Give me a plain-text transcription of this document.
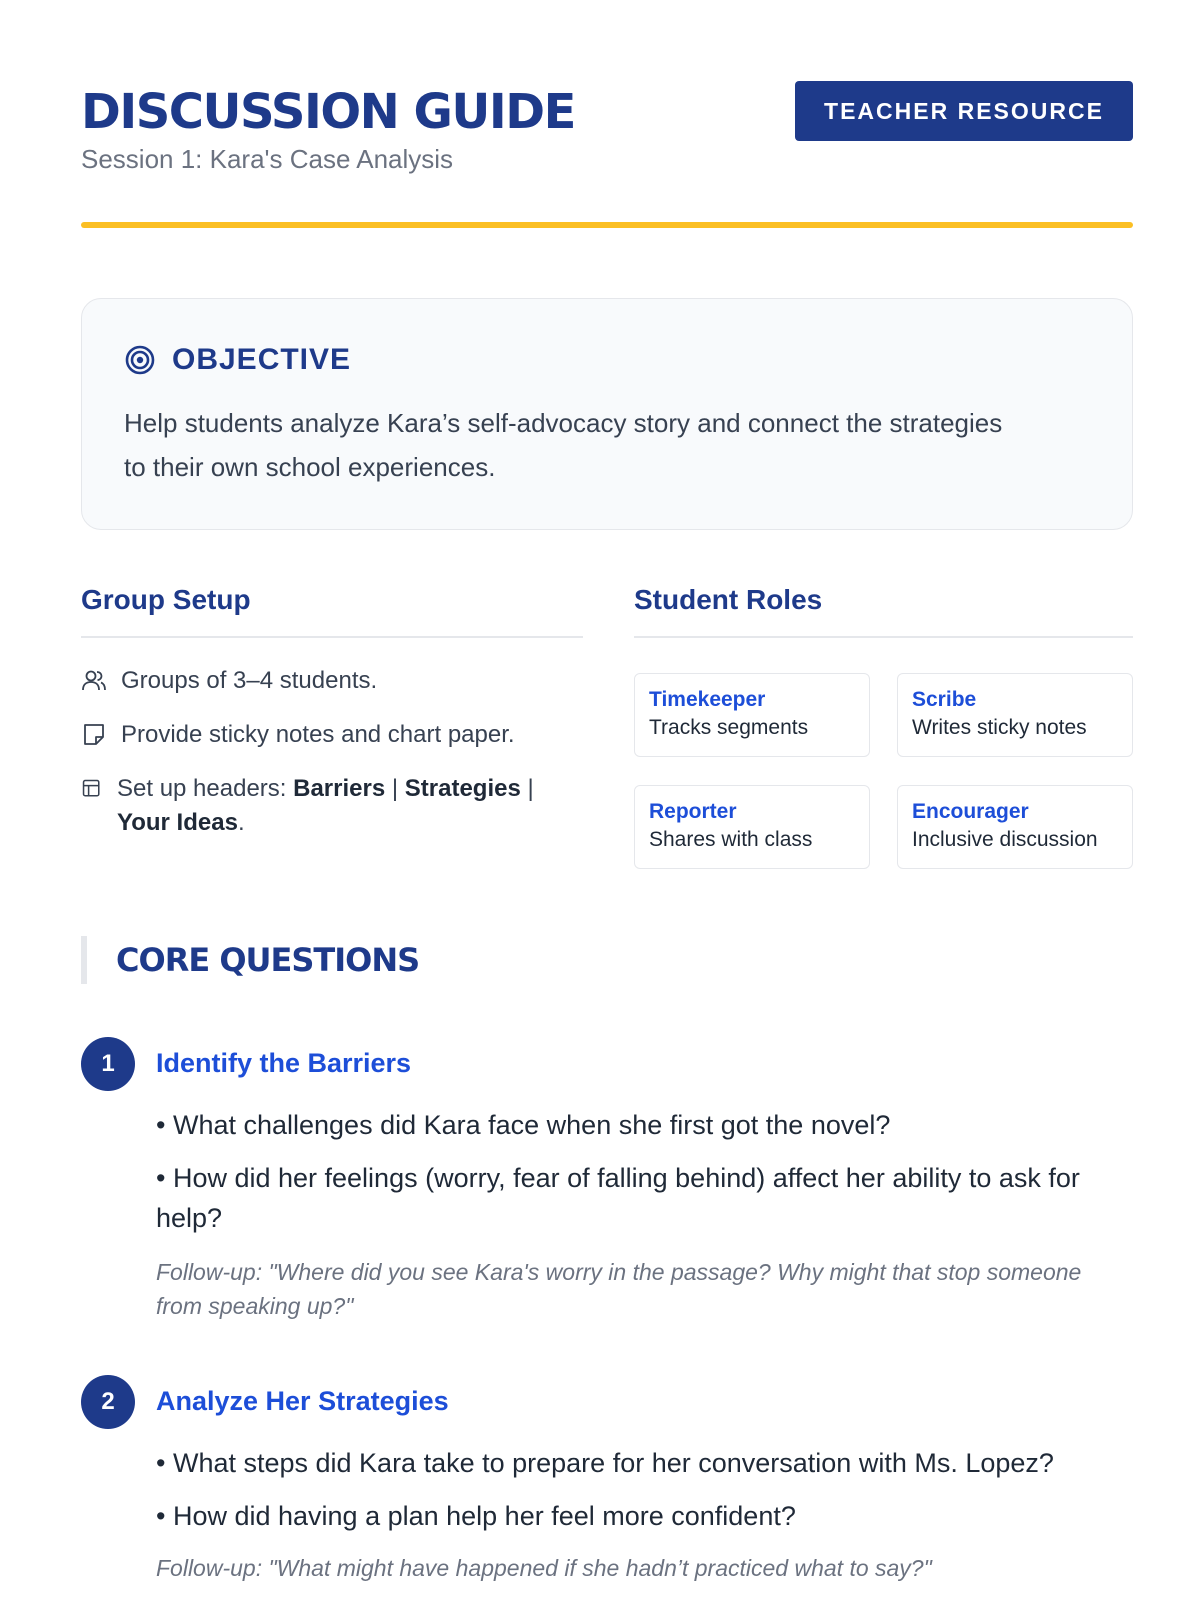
DISCUSSION GUIDE
Session 1: Kara's Case Analysis
TEACHER RESOURCE
OBJECTIVE
Help students analyze Kara’s self-advocacy story and connect the strategies to their own school experiences.
Group Setup
Groups of 3–4 students.
Provide sticky notes and chart paper.
Set up headers: Barriers | Strategies | Your Ideas.
Student Roles
Timekeeper
Tracks segments
Scribe
Writes sticky notes
Reporter
Shares with class
Encourager
Inclusive discussion
CORE QUESTIONS
1	Identify the Barriers
• What challenges did Kara face when she first got the novel?
• How did her feelings (worry, fear of falling behind) affect her ability to ask for help?
Follow-up: "Where did you see Kara's worry in the passage? Why might that stop someone from speaking up?"
2	Analyze Her Strategies
• What steps did Kara take to prepare for her conversation with Ms. Lopez?
• How did having a plan help her feel more confident?
Follow-up: "What might have happened if she hadn’t practiced what to say?"
